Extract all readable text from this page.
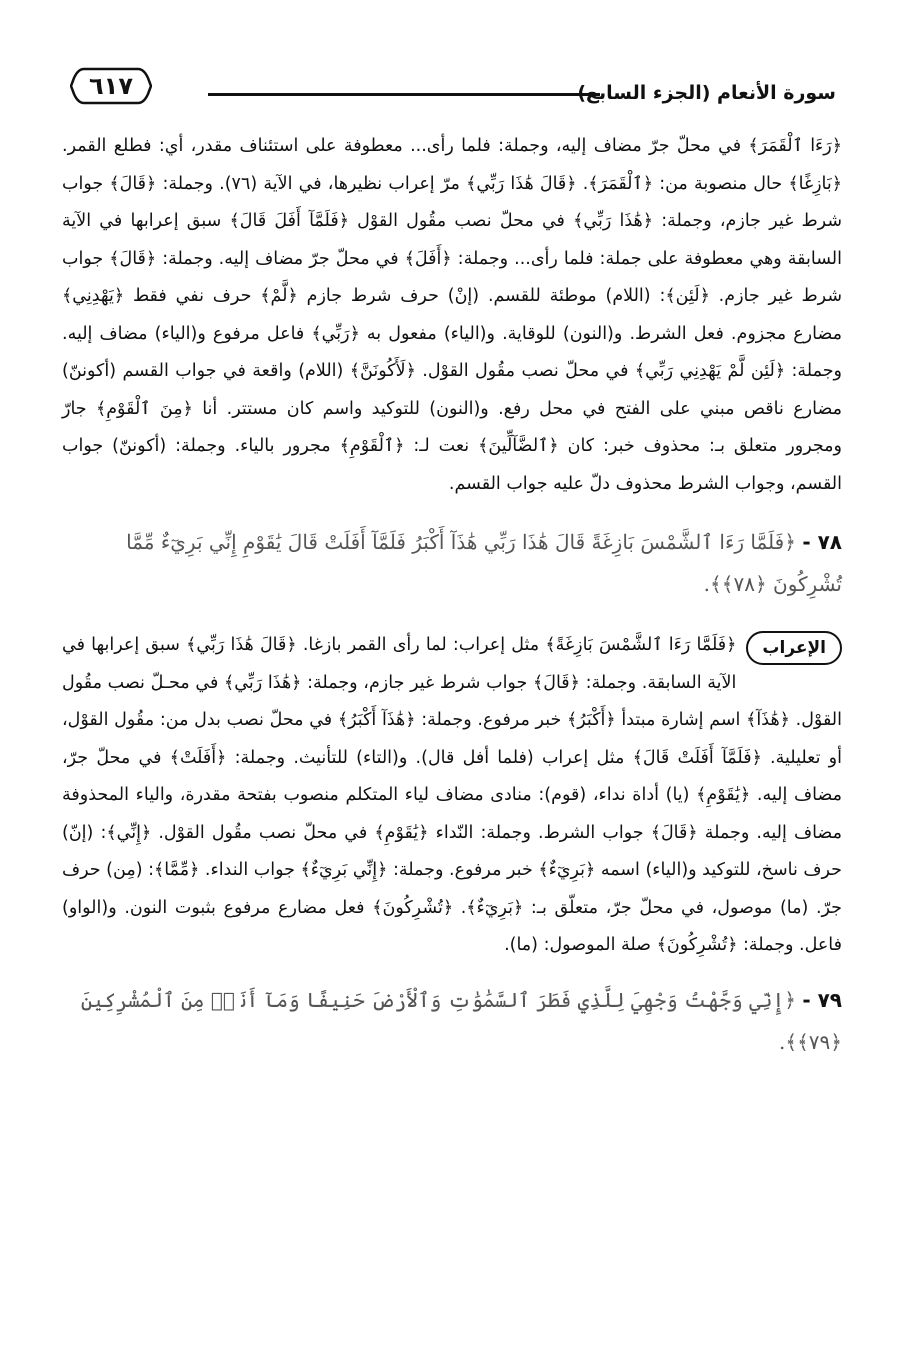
سورة الأنعام (الجزء السابع)
٦١٧

﴿رَءَا ٱلْقَمَرَ﴾ في محلّ جرّ مضاف إليه، وجملة: فلما رأى... معطوفة على استئناف مقدر، أي: فطلع القمر. ﴿بَازِغًا﴾ حال منصوبة من: ﴿ٱلْقَمَرَ﴾. ﴿قَالَ هَٰذَا رَبِّي﴾ مرّ إعراب نظيرها، في الآية (٧٦). وجملة: ﴿قَالَ﴾ جواب شرط غير جازم، وجملة: ﴿هَٰذَا رَبِّي﴾ في محلّ نصب مقُول القوْل ﴿فَلَمَّآ أَفَلَ قَالَ﴾ سبق إعرابها في الآية السابقة وهي معطوفة على جملة: فلما رأى... وجملة: ﴿أَفَلَ﴾ في محلّ جرّ مضاف إليه. وجملة: ﴿قَالَ﴾ جواب شرط غير جازم. ﴿لَئِن﴾: (اللام) موطئة للقسم. (إنْ) حرف شرط جازم ﴿لَّمْ﴾ حرف نفي فقط ﴿يَهْدِنِي﴾ مضارع مجزوم. فعل الشرط. و(النون) للوقاية. و(الياء) مفعول به ﴿رَبِّي﴾ فاعل مرفوع و(الياء) مضاف إليه. وجملة: ﴿لَئِن لَّمْ يَهْدِنِي رَبِّي﴾ في محلّ نصب مقُول القوْل. ﴿لَأَكُونَنَّ﴾ (اللام) واقعة في جواب القسم (أكوننّ) مضارع ناقص مبني على الفتح في محل رفع. و(النون) للتوكيد واسم كان مستتر. أنا ﴿مِنَ ٱلْقَوْمِ﴾ جارّ ومجرور متعلق بـ: محذوف خبر: كان ﴿ٱلضَّآلِّينَ﴾ نعت لـ: ﴿ٱلْقَوْمِ﴾ مجرور بالياء. وجملة: (أكوننّ) جواب القسم، وجواب الشرط محذوف دلّ عليه جواب القسم.

٧٨ - ﴿فَلَمَّا رَءَا ٱلشَّمْسَ بَازِغَةً قَالَ هَٰذَا رَبِّي هَٰذَآ أَكْبَرُ فَلَمَّآ أَفَلَتْ قَالَ يَٰقَوْمِ إِنِّي بَرِيٓءٌ مِّمَّا تُشْرِكُونَ ﴿٧٨﴾﴾.

الإعراب

﴿فَلَمَّا رَءَا ٱلشَّمْسَ بَازِغَةً﴾ مثل إعراب: لما رأى القمر بازغا. ﴿قَالَ هَٰذَا رَبِّي﴾ سبق إعرابها في الآية السابقة. وجملة: ﴿قَالَ﴾ جواب شرط غير جازم، وجملة: ﴿هَٰذَا رَبِّي﴾ في محـلّ نصب مقُول القوْل. ﴿هَٰذَآ﴾ اسم إشارة مبتدأ ﴿أَكْبَرُ﴾ خبر مرفوع. وجملة: ﴿هَٰذَآ أَكْبَرُ﴾ في محلّ نصب بدل من: مقُول القوْل، أو تعليلية. ﴿فَلَمَّآ أَفَلَتْ قَالَ﴾ مثل إعراب (فلما أفل قال). و(التاء) للتأنيث. وجملة: ﴿أَفَلَتْ﴾ في محلّ جرّ، مضاف إليه. ﴿يَٰقَوْمِ﴾ (يا) أداة نداء، (قوم): منادى مضاف لياء المتكلم منصوب بفتحة مقدرة، والياء المحذوفة مضاف إليه. وجملة ﴿قَالَ﴾ جواب الشرط. وجملة: النّداء ﴿يَٰقَوْمِ﴾ في محلّ نصب مقُول القوْل. ﴿إِنِّي﴾: (إنّ) حرف ناسخ، للتوكيد و(الياء) اسمه ﴿بَرِيٓءٌ﴾ خبر مرفوع. وجملة: ﴿إِنِّي بَرِيٓءٌ﴾ جواب النداء. ﴿مِّمَّا﴾: (مِن) حرف جرّ. (ما) موصول، في محلّ جرّ، متعلّق بـ: ﴿بَرِيٓءٌ﴾. ﴿تُشْرِكُونَ﴾ فعل مضارع مرفوع بثبوت النون. و(الواو) فاعل. وجملة: ﴿تُشْرِكُونَ﴾ صلة الموصول: (ما).

٧٩ - ﴿إِنِّي وَجَّهْتُ وَجْهِيَ لِلَّذِي فَطَرَ ٱلسَّمَٰوَٰتِ وَٱلْأَرْضَ حَنِيفًا وَمَآ أَنَا۠ مِنَ ٱلْمُشْرِكِينَ ﴿٧٩﴾﴾.
